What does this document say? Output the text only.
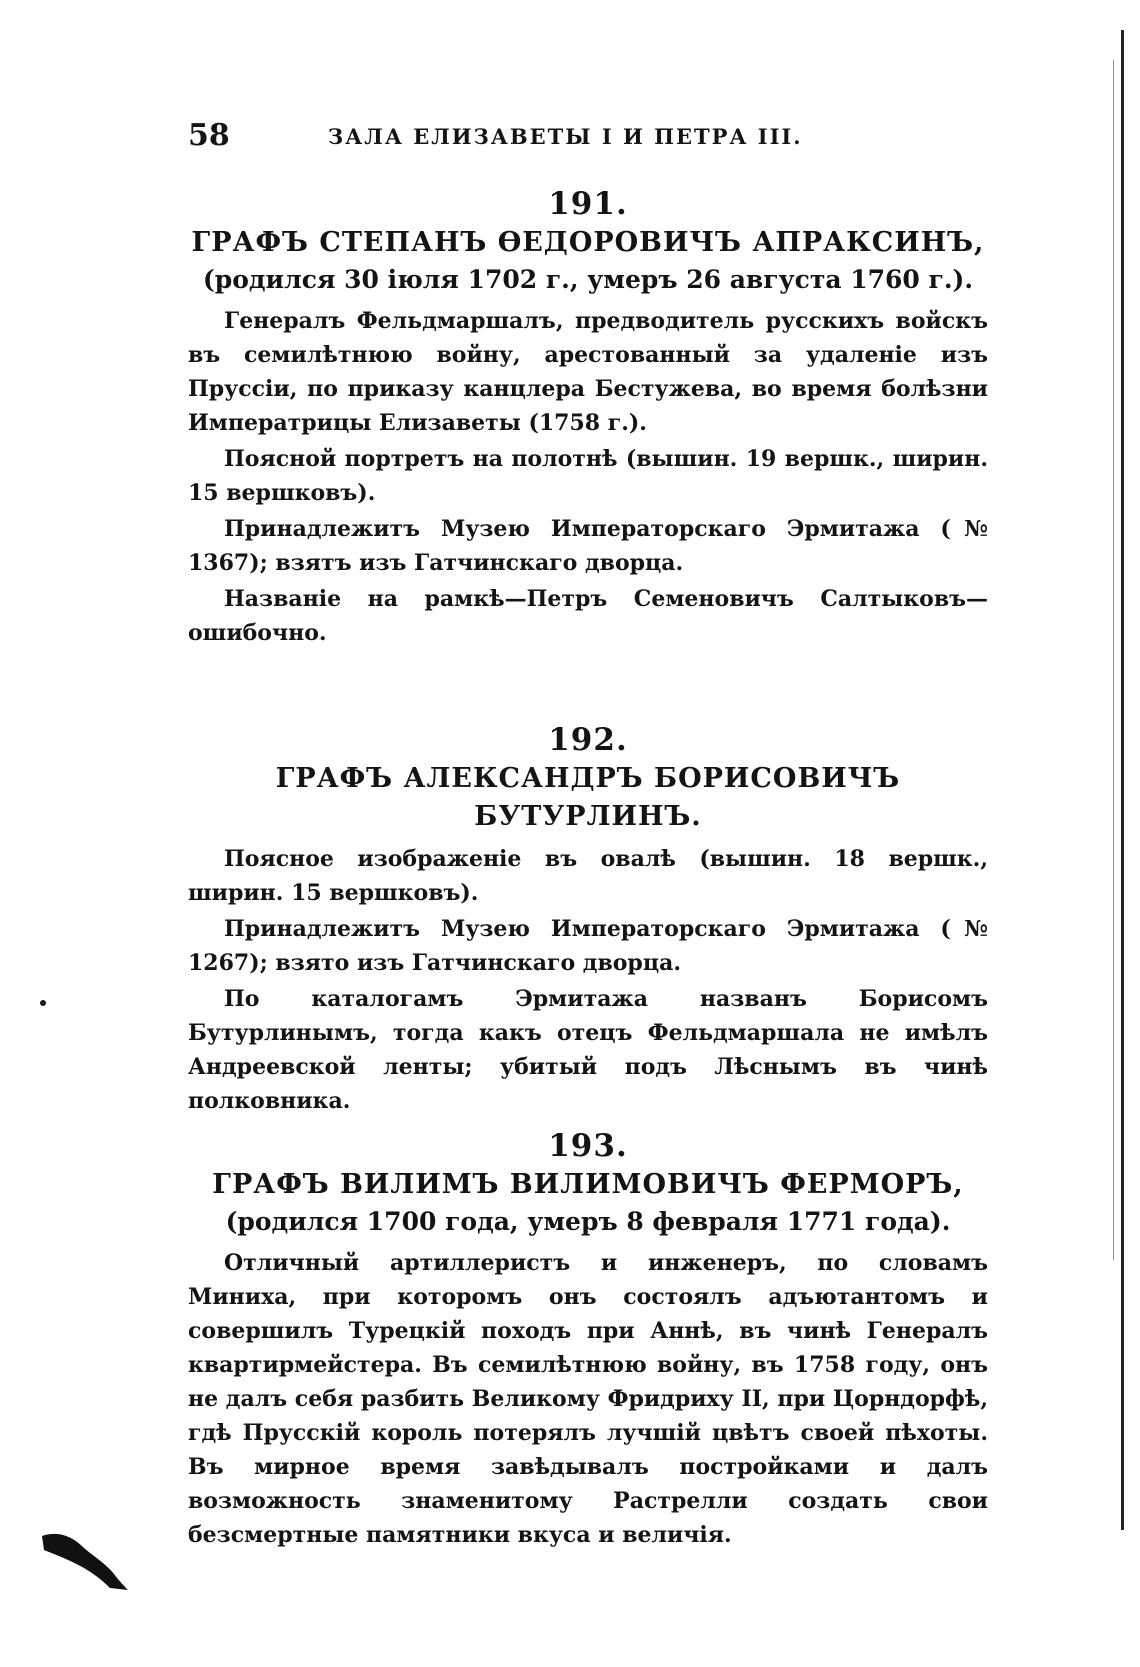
58	ЗАЛА ЕЛИЗАВЕТЫ I И ПЕТРА III.
191.
ГРАФЪ СТЕПАНЪ ѲЕДОРОВИЧЪ АПРАКСИНЪ,
(родился 30 іюля 1702 г., умеръ 26 августа 1760 г.).

Генералъ Фельдмаршалъ, предводитель русскихъ войскъ въ семилѣтнюю войну, арестованный за удаленіе изъ Пруссіи, по приказу канцлера Бестужева, во время болѣзни Императрицы Елизаветы (1758 г.).

Поясной портретъ на полотнѣ (вышин. 19 вершк., ширин. 15 вершковъ).

Принадлежитъ Музею Императорскаго Эрмитажа (№ 1367); взятъ изъ Гатчинскаго дворца.

Названіе на рамкѣ—Петръ Семеновичъ Салтыковъ—ошибочно.

192.
ГРАФЪ АЛЕКСАНДРЪ БОРИСОВИЧЪ БУТУРЛИНЪ.

Поясное изображеніе въ овалѣ (вышин. 18 вершк., ширин. 15 вершковъ).

Принадлежитъ Музею Императорскаго Эрмитажа (№ 1267); взято изъ Гатчинскаго дворца.

По каталогамъ Эрмитажа названъ Борисомъ Бутурлинымъ, тогда какъ отецъ Фельдмаршала не имѣлъ Андреевской ленты; убитый подъ Лѣснымъ въ чинѣ полковника.

193.
ГРАФЪ ВИЛИМЪ ВИЛИМОВИЧЪ ФЕРМОРЪ,
(родился 1700 года, умеръ 8 февраля 1771 года).

Отличный артиллеристъ и инженеръ, по словамъ Миниха, при которомъ онъ состоялъ адъютантомъ и совершилъ Турецкій походъ при Аннѣ, въ чинѣ Генералъ квартирмейстера. Въ семилѣтнюю войну, въ 1758 году, онъ не далъ себя разбить Великому Фридриху II, при Цорндорфѣ, гдѣ Прусскій король потерялъ лучшій цвѣтъ своей пѣхоты. Въ мирное время завѣдывалъ постройками и далъ возможность знаменитому Растрелли создать свои безсмертные памятники вкуса и величія.
